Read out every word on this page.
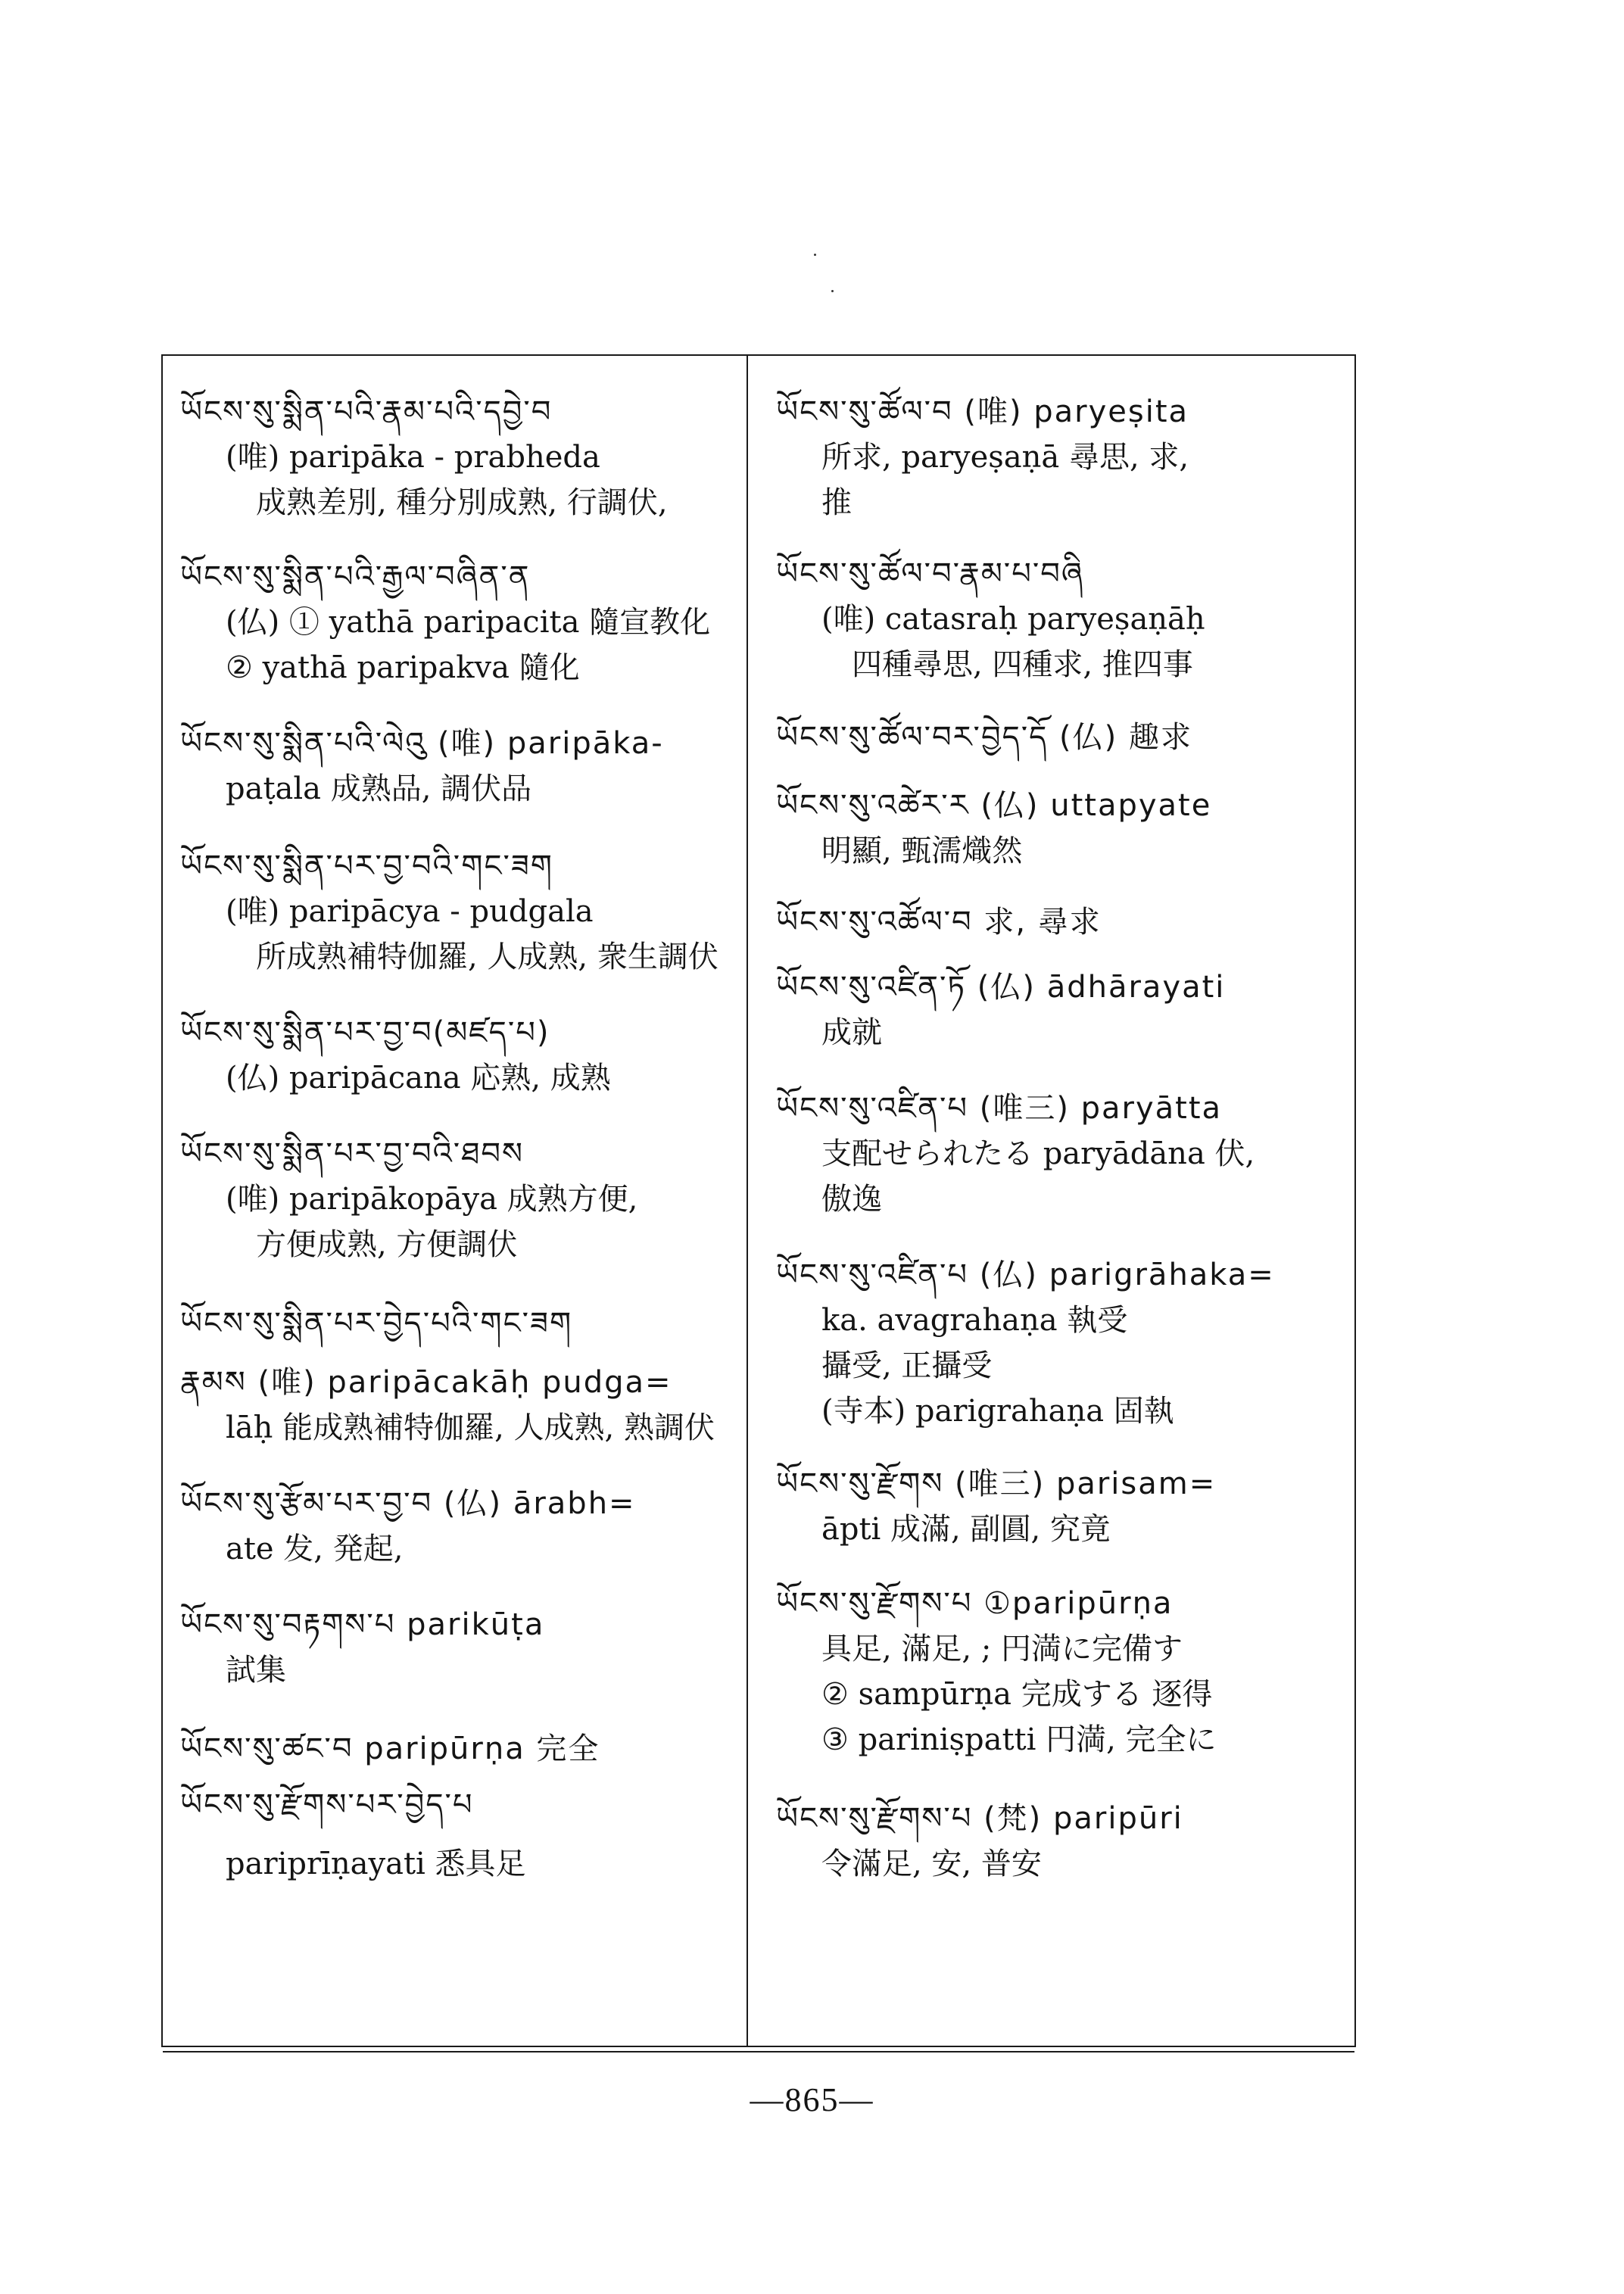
ཡོངས་སུ་སྨིན་པའི་རྣམ་པའི་དབྱེ་བ
(唯) paripāka - prabheda
成熟差別, 種分別成熟, 行調伏,
ཡོངས་སུ་སྨིན་པའི་རྒྱལ་བཞིན་ན
(仏) ① yathā paripacita 隨宣教化
② yathā paripakva 隨化
ཡོངས་སུ་སྨིན་པའི་ལེའུ (唯) paripāka-
paṭala 成熟品, 調伏品
ཡོངས་སུ་སྨིན་པར་བྱ་བའི་གང་ཟག
(唯) paripācya - pudgala
所成熟補特伽羅, 人成熟, 衆生調伏
ཡོངས་སུ་སྨིན་པར་བྱ་བ(མཛད་པ)
(仏) paripācana 応熟, 成熟
ཡོངས་སུ་སྨིན་པར་བྱ་བའི་ཐབས
(唯) paripākopāya 成熟方便,
方便成熟, 方便調伏
ཡོངས་སུ་སྨིན་པར་བྱེད་པའི་གང་ཟག
རྣམས (唯) paripācakāḥ pudga=
lāḥ 能成熟補特伽羅, 人成熟, 熟調伏
ཡོངས་སུ་རྩོམ་པར་བྱ་བ (仏) ārabh=
ate 发, 発起,
ཡོངས་སུ་བརྟགས་པ parikūṭa
試集
ཡོངས་སུ་ཚང་བ paripūrṇa 完全
ཡོངས་སུ་རྫོགས་པར་བྱེད་པ
pariprīṇayati 悉具足
ཡོངས་སུ་ཚོལ་བ (唯) paryeṣita
所求, paryeṣaṇā 尋思, 求,
推
ཡོངས་སུ་ཚོལ་བ་རྣམ་པ་བཞི
(唯) catasraḥ paryeṣaṇāḥ
四種尋思, 四種求, 推四事
ཡོངས་སུ་ཚོལ་བར་བྱེད་དོ (仏) 趣求
ཡོངས་སུ་འཚེར་ར (仏) uttapyate
明顯, 甄濡熾然
ཡོངས་སུ་འཚོལ་བ 求, 尋求
ཡོངས་སུ་འཛིན་ཏོ (仏) ādhārayati
成就
ཡོངས་སུ་འཛིན་པ (唯三) paryātta
支配せられたる paryādāna 伏,
傲逸
ཡོངས་སུ་འཛིན་པ (仏) parigrāhaka=
ka. avagrahaṇa 執受
攝受, 正攝受
(寺本) parigrahaṇa 固執
ཡོངས་སུ་རྫོགས (唯三) parisam=
āpti 成滿, 副圓, 究竟
ཡོངས་སུ་རྫོགས་པ ①paripūrṇa
具足, 滿足, ; 円満に完備す
② sampūrṇa 完成する 逐得
③ pariniṣpatti 円満, 完全に
ཡོངས་སུ་རྫོགས་པ (梵) paripūri
令滿足, 安, 普安
—865—
